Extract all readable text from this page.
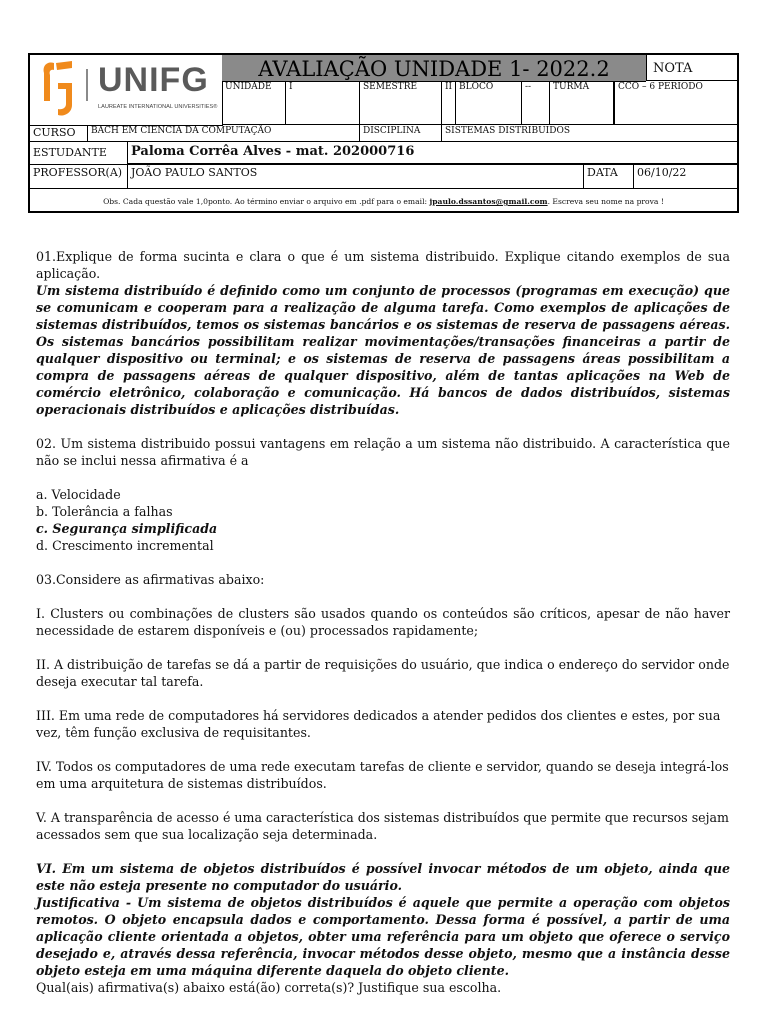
UNIFG
LAUREATE INTERNATIONAL UNIVERSITIES®
AVALIAÇÃO UNIDADE 1- 2022.2	NOTA
UNIDADE	I	SEMESTRE	II BLOCO	--	TURMA	CCO – 6 PERIODO
CURSO	BACH EM CIENCIA DA COMPUTAÇÃO	DISCIPLINA	SISTEMAS DISTRIBUIDOS
ESTUDANTE	Paloma Corrêa Alves - mat. 202000716
PROFESSOR(A) JOÃO PAULO SANTOS	DATA	06/10/22
Obs. Cada questão vale 1,0ponto. Ao término enviar o arquivo em .pdf para o email: jpaulo.dssantos@gmail.com. Escreva seu nome na prova !

01.Explique de forma sucinta e clara o que é um sistema distribuido. Explique citando exemplos de sua aplicação.

Um sistema distribuído é definido como um conjunto de processos (programas em execução) que se comunicam e cooperam para a realização de alguma tarefa. Como exemplos de aplicações de sistemas distribuídos, temos os sistemas bancários e os sistemas de reserva de passagens aéreas. Os sistemas bancários possibilitam realizar movimentações/transações financeiras a partir de qualquer dispositivo ou terminal; e os sistemas de reserva de passagens áreas possibilitam a compra de passagens aéreas de qualquer dispositivo, além de tantas aplicações na Web de comércio eletrônico, colaboração e comunicação. Há bancos de dados distribuídos, sistemas operacionais distribuídos e aplicações distribuídas.

02. Um sistema distribuido possui vantagens em relação a um sistema não distribuido. A característica que não se inclui nessa afirmativa é a

a. Velocidade

b. Tolerância a falhas

c. Segurança simplificada

d. Crescimento incremental

03.Considere as afirmativas abaixo:

I. Clusters ou combinações de clusters são usados quando os conteúdos são críticos, apesar de não haver necessidade de estarem disponíveis e (ou) processados rapidamente;

II. A distribuição de tarefas se dá a partir de requisições do usuário, que indica o endereço do servidor onde deseja executar tal tarefa.

III. Em uma rede de computadores há servidores dedicados a atender pedidos dos clientes e estes, por sua vez, têm função exclusiva de requisitantes.

IV. Todos os computadores de uma rede executam tarefas de cliente e servidor, quando se deseja integrá-los em uma arquitetura de sistemas distribuídos.

V. A transparência de acesso é uma característica dos sistemas distribuídos que permite que recursos sejam acessados sem que sua localização seja determinada.

VI. Em um sistema de objetos distribuídos é possível invocar métodos de um objeto, ainda que este não esteja presente no computador do usuário.

Justificativa - Um sistema de objetos distribuídos é aquele que permite a operação com objetos remotos. O objeto encapsula dados e comportamento. Dessa forma é possível, a partir de uma aplicação cliente orientada a objetos, obter uma referência para um objeto que oferece o serviço desejado e, através dessa referência, invocar métodos desse objeto, mesmo que a instância desse objeto esteja em uma máquina diferente daquela do objeto cliente.

Qual(ais) afirmativa(s) abaixo está(ão) correta(s)? Justifique sua escolha.
